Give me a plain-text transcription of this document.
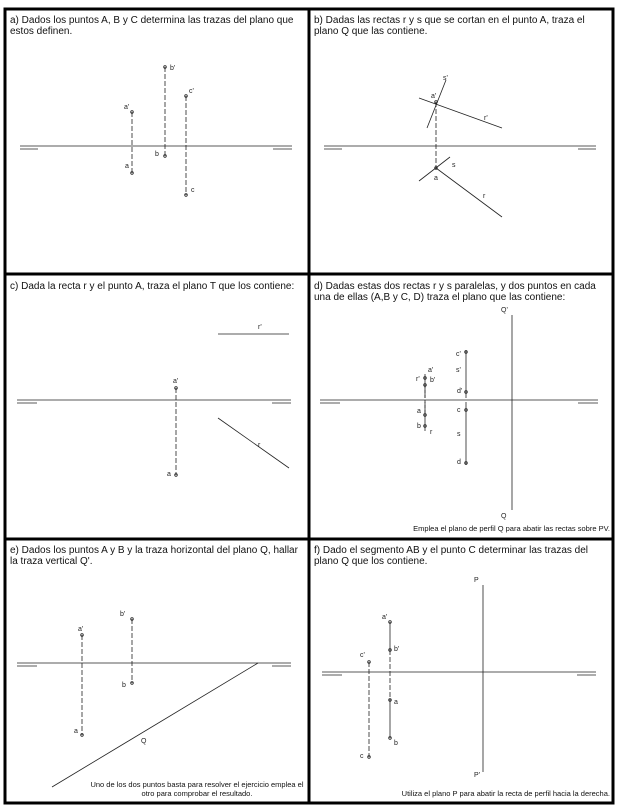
a'
a
b'
b
c'
c
s'
a'
r'
s
a
r
r'
a'
r
a
Q'
Q
c'
s'
a'
r' b'
d'
a	c
b
r	s
d
b'
a'
b
a
Q
P
P'
a'
b'
c'
a
b
c
a) Dados los puntos A, B y C determina las trazas del plano que estos definen.
b) Dadas las rectas r y s que se cortan en el punto A, traza el plano Q que las contiene.
c) Dada la recta r y el punto A, traza el plano T que los contiene:	d) Dadas estas dos rectas r y s paralelas, y dos puntos en cada una de ellas (A,B y C, D) traza el plano que las contiene:
Emplea el plano de perfil Q para abatir las rectas sobre PV.
e) Dados los puntos A y B y la traza horizontal del plano Q, hallar la traza vertical Q'.
Uno de los dos puntos basta para resolver el ejercicio emplea el otro para comprobar el resultado.
f) Dado el segmento AB y el punto C determinar las trazas del plano Q que los contiene.
Utiliza el plano P para abatir la recta de perfil hacia la derecha.
